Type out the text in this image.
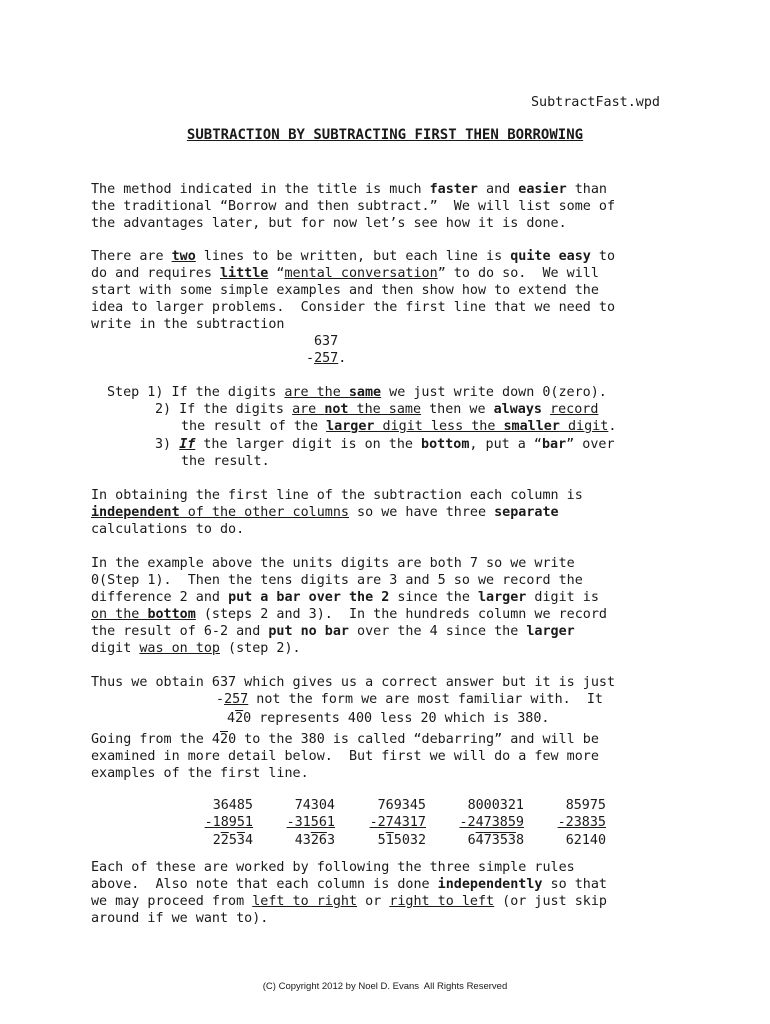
SubtractFast.wpd
SUBTRACTION BY SUBTRACTING FIRST THEN BORROWING
The method indicated in the title is much faster and easier than
the traditional “Borrow and then subtract.”  We will list some of
the advantages later, but for now let’s see how it is done.
There are two lines to be written, but each line is quite easy to
do and requires little “mental conversation” to do so.  We will
start with some simple examples and then show how to extend the
idea to larger problems.  Consider the first line that we need to
write in the subtraction
637
-257.
Step 1) If the digits are the same we just write down 0(zero).
2) If the digits are not the same then we always record
the result of the larger digit less the smaller digit.
3) If the larger digit is on the bottom, put a “bar” over
the result.
In obtaining the first line of the subtraction each column is
independent of the other columns so we have three separate
calculations to do.
In the example above the units digits are both 7 so we write
0(Step 1).  Then the tens digits are 3 and 5 so we record the
difference 2 and put a bar over the 2 since the larger digit is
on the bottom (steps 2 and 3).  In the hundreds column we record
the result of 6-2 and put no bar over the 4 since the larger
digit was on top (step 2).
Thus we obtain 637 which gives us a correct answer but it is just
-257 not the form we are most familiar with.  It
420 represents 400 less 20 which is 380.
Going from the 420 to the 380 is called “debarring” and will be
examined in more detail below.  But first we will do a few more
examples of the first line.
36485
-18951
22534
74304
-31561
43263
769345
-274317
515032
8000321
-2473859
6473538
85975
-23835
62140
Each of these are worked by following the three simple rules
above.  Also note that each column is done independently so that
we may proceed from left to right or right to left (or just skip
around if we want to).
(C) Copyright 2012 by Noel D. Evans  All Rights Reserved
